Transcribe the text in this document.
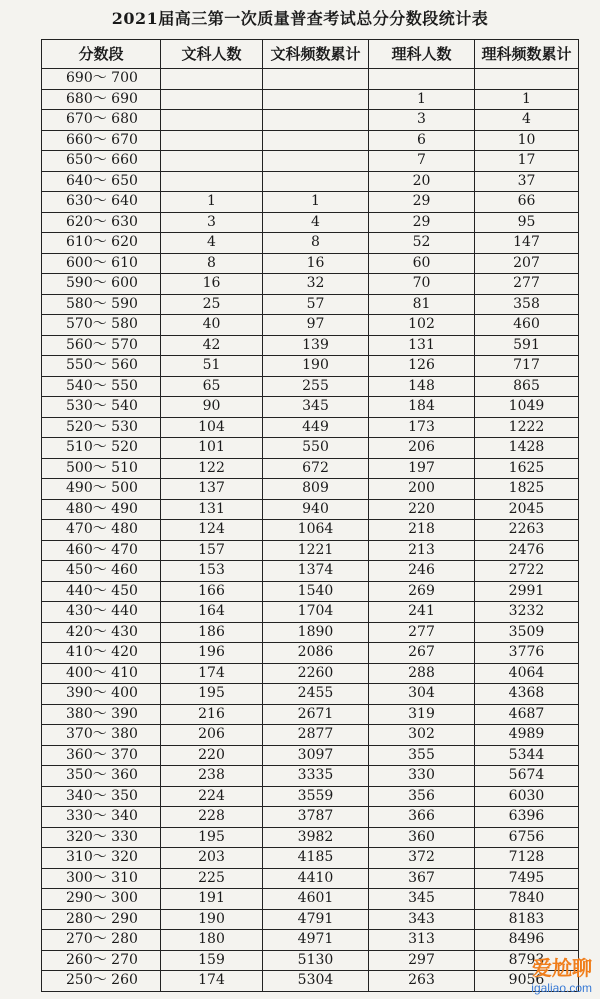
2021届高三第一次质量普查考试总分分数段统计表
分数段	文科人数	文科频数累计	理科人数	理科频数累计
690～ 700				
680～ 690			1	1
670～ 680			3	4
660～ 670			6	10
650～ 660			7	17
640～ 650			20	37
630～ 640	1	1	29	66
620～ 630	3	4	29	95
610～ 620	4	8	52	147
600～ 610	8	16	60	207
590～ 600	16	32	70	277
580～ 590	25	57	81	358
570～ 580	40	97	102	460
560～ 570	42	139	131	591
550～ 560	51	190	126	717
540～ 550	65	255	148	865
530～ 540	90	345	184	1049
520～ 530	104	449	173	1222
510～ 520	101	550	206	1428
500～ 510	122	672	197	1625
490～ 500	137	809	200	1825
480～ 490	131	940	220	2045
470～ 480	124	1064	218	2263
460～ 470	157	1221	213	2476
450～ 460	153	1374	246	2722
440～ 450	166	1540	269	2991
430～ 440	164	1704	241	3232
420～ 430	186	1890	277	3509
410～ 420	196	2086	267	3776
400～ 410	174	2260	288	4064
390～ 400	195	2455	304	4368
380～ 390	216	2671	319	4687
370～ 380	206	2877	302	4989
360～ 370	220	3097	355	5344
350～ 360	238	3335	330	5674
340～ 350	224	3559	356	6030
330～ 340	228	3787	366	6396
320～ 330	195	3982	360	6756
310～ 320	203	4185	372	7128
300～ 310	225	4410	367	7495
290～ 300	191	4601	345	7840
280～ 290	190	4791	343	8183
270～ 280	180	4971	313	8496
260～ 270	159	5130	297	8793
250～ 260	174	5304	263	9056
爱尬聊
igaliao.com
